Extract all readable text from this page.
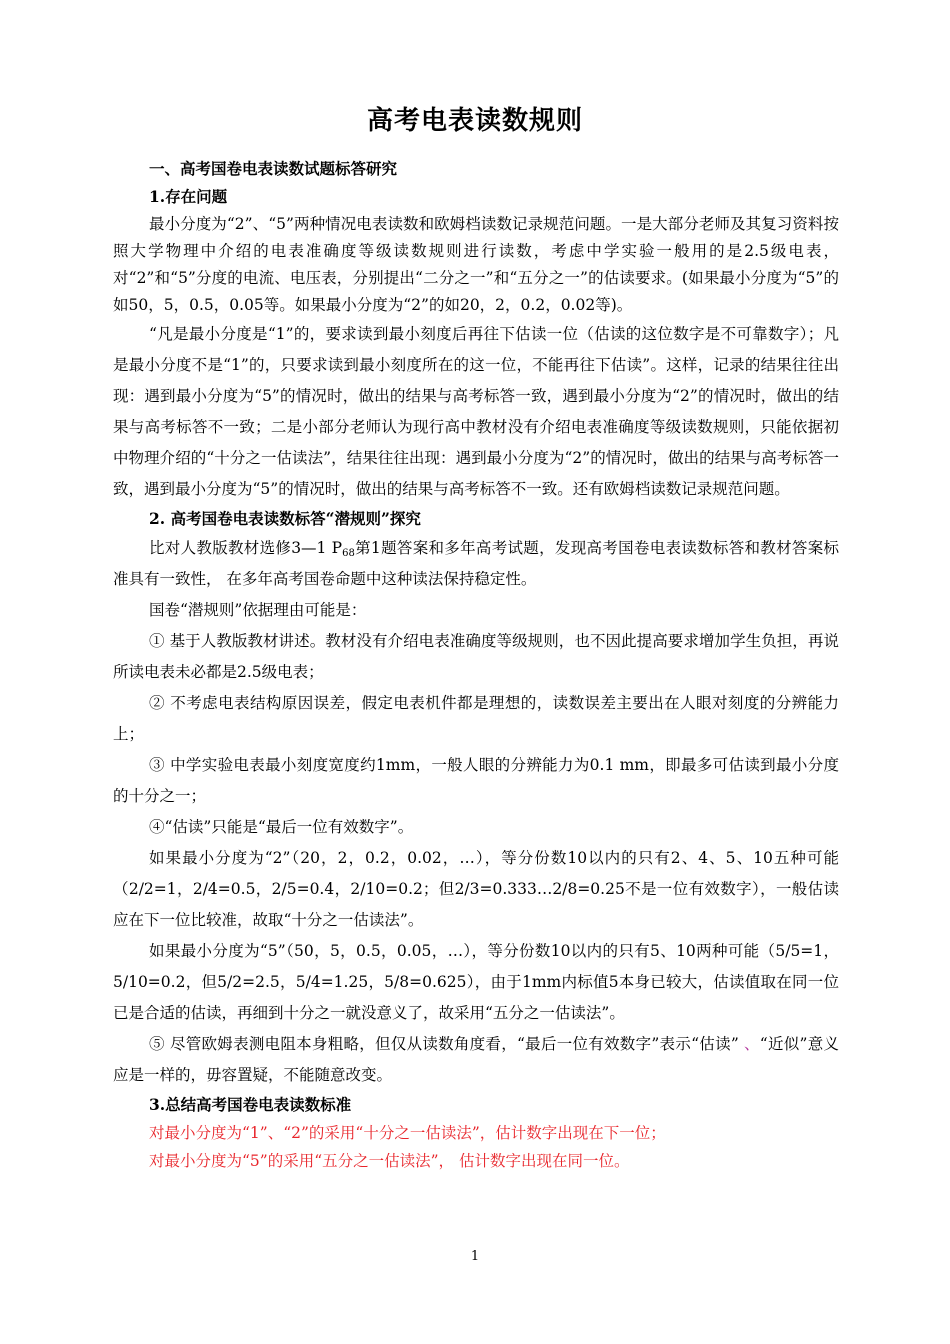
高考电表读数规则

一、高考国卷电表读数试题标答研究

1.存在问题

最小分度为“2”、“5”两种情况电表读数和欧姆档读数记录规范问题。一是大部分老师及其复习资料按照大学物理中介绍的电表准确度等级读数规则进行读数，考虑中学实验一般用的是2.5级电表，对“2”和“5”分度的电流、电压表，分别提出“二分之一”和“五分之一”的估读要求。(如果最小分度为“5”的如50，5，0.5，0.05等。如果最小分度为“2”的如20，2，0.2，0.02等)。

“凡是最小分度是“1”的，要求读到最小刻度后再往下估读一位（估读的这位数字是不可靠数字）；凡是最小分度不是“1”的，只要求读到最小刻度所在的这一位，不能再往下估读”。这样，记录的结果往往出现：遇到最小分度为“5”的情况时，做出的结果与高考标答一致，遇到最小分度为“2”的情况时，做出的结果与高考标答不一致；二是小部分老师认为现行高中教材没有介绍电表准确度等级读数规则，只能依据初中物理介绍的“十分之一估读法”，结果往往出现：遇到最小分度为“2”的情况时，做出的结果与高考标答一致，遇到最小分度为“5”的情况时，做出的结果与高考标答不一致。还有欧姆档读数记录规范问题。

2. 高考国卷电表读数标答“潜规则”探究

比对人教版教材选修3—1 $P_{68}$第1题答案和多年高考试题，发现高考国卷电表读数标答和教材答案标准具有一致性， 在多年高考国卷命题中这种读法保持稳定性。

国卷“潜规则”依据理由可能是：

① 基于人教版教材讲述。教材没有介绍电表准确度等级规则，也不因此提高要求增加学生负担，再说所读电表未必都是2.5级电表；

② 不考虑电表结构原因误差，假定电表机件都是理想的，读数误差主要出在人眼对刻度的分辨能力上；

③ 中学实验电表最小刻度宽度约1mm，一般人眼的分辨能力为0.1 mm，即最多可估读到最小分度的十分之一；

④“估读”只能是“最后一位有效数字”。

如果最小分度为“2”（20，2，0.2，0.02，…），等分份数10以内的只有2、4、5、10五种可能（2/2=1，2/4=0.5，2/5=0.4，2/10=0.2；但2/3=0.333…2/8=0.25不是一位有效数字），一般估读应在下一位比较准，故取“十分之一估读法”。

如果最小分度为“5”（50，5，0.5，0.05，…），等分份数10以内的只有5、10两种可能（5/5=1，5/10=0.2，但5/2=2.5，5/4=1.25，5/8=0.625），由于1mm内标值5本身已较大，估读值取在同一位已是合适的估读，再细到十分之一就没意义了，故采用“五分之一估读法”。

⑤ 尽管欧姆表测电阻本身粗略，但仅从读数角度看，“最后一位有效数字”表示“估读” 、“近似”意义应是一样的，毋容置疑，不能随意改变。

3.总结高考国卷电表读数标准

对最小分度为“1”、“2”的采用“十分之一估读法”，估计数字出现在下一位；

对最小分度为“5”的采用“五分之一估读法”， 估计数字出现在同一位。

1
